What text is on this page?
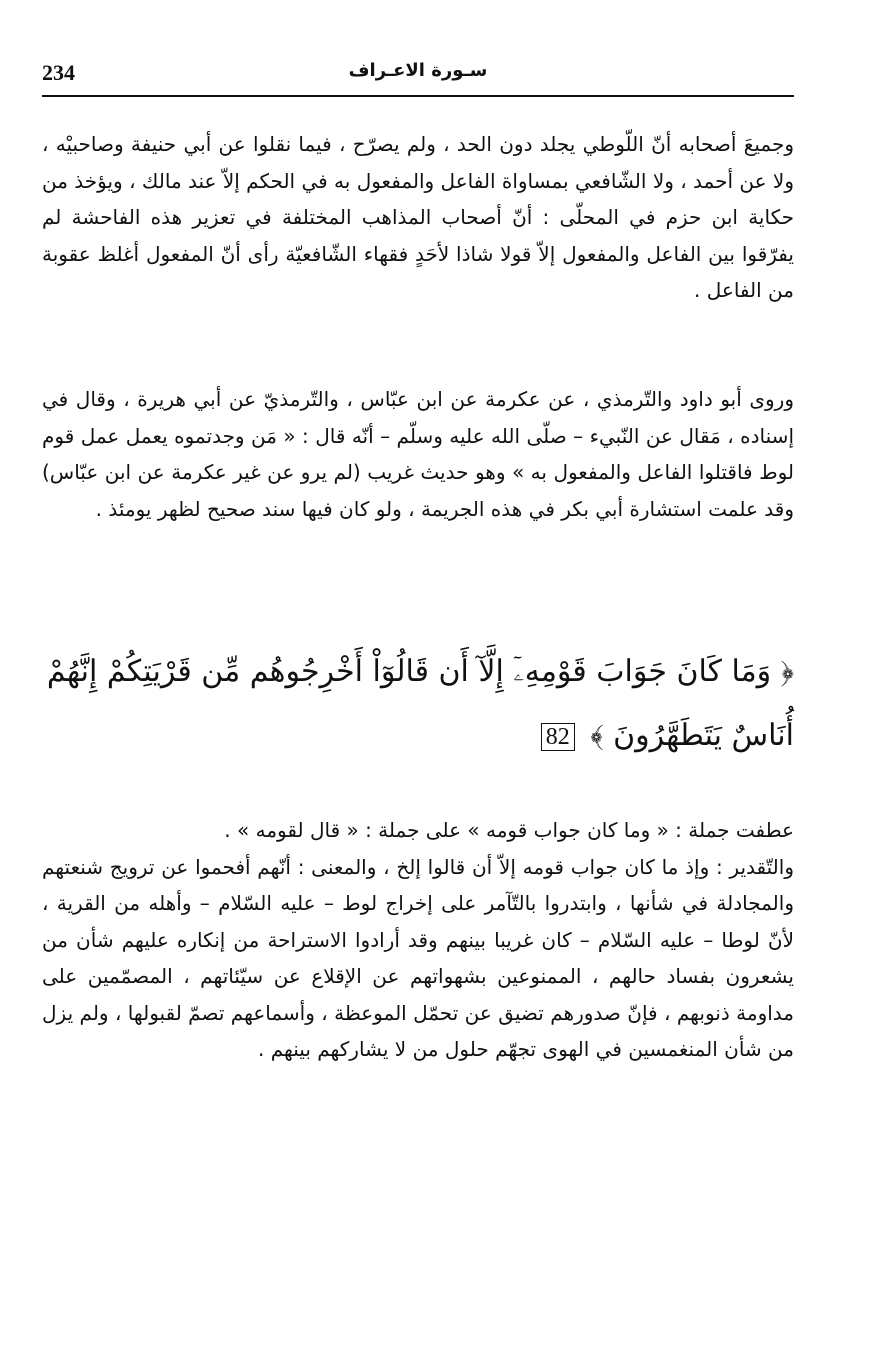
234	سـورة الاعـراف

وجميعَ أصحابه أنّ اللّوطي يجلد دون الحد ، ولم يصرّح ، فيما نقلوا عن أبي حنيفة وصاحبيْه ، ولا عن أحمد ، ولا الشّافعي بمساواة الفاعل والمفعول به في الحكم إلاّ عند مالك ، ويؤخذ من حكاية ابن حزم في المحلّى : أنّ أصحاب المذاهب المختلفة في تعزير هذه الفاحشة لم يفرّقوا بين الفاعل والمفعول إلاّ قولا شاذا لأحَدٍ فقهاء الشّافعيّة رأى أنّ المفعول أغلظ عقوبة من الفاعل .

وروى أبو داود والتّرمذي ، عن عكرمة عن ابن عبّاس ، والتّرمذيّ عن أبي هريرة ، وقال في إسناده ، مَقال عن النّبيء – صلّى الله عليه وسلّم – أنّه قال : « مَن وجدتموه يعمل عمل قوم لوط فاقتلوا الفاعل والمفعول به » وهو حديث غريب (لم يرو عن غير عكرمة عن ابن عبّاس) وقد علمت استشارة أبي بكر في هذه الجريمة ، ولو كان فيها سند صحيح لظهر يومئذ .

﴿ وَمَا كَانَ جَوَابَ قَوْمِهِۦٓ إِلَّآ أَن قَالُوٓاْ أَخْرِجُوهُم مِّن قَرْيَتِكُمْ إِنَّهُمْ أُنَاسٌ يَتَطَهَّرُونَ ﴾ 82

عطفت جملة : « وما كان جواب قومه » على جملة : « قال لقومه » .

والتّقدير : وإذ ما كان جواب قومه إلاّ أن قالوا إلخ ، والمعنى : أنّهم أفحموا عن ترويج شنعتهم والمجادلة في شأنها ، وابتدروا بالتّآمر على إخراج لوط – عليه السّلام – وأهله من القرية ، لأنّ لوطا – عليه السّلام – كان غريبا بينهم وقد أرادوا الاستراحة من إنكاره عليهم شأن من يشعرون بفساد حالهم ، الممنوعين بشهواتهم عن الإقلاع عن سيّئاتهم ، المصمّمين على مداومة ذنوبهم ، فإنّ صدورهم تضيق عن تحمّل الموعظة ، وأسماعهم تصمّ لقبولها ، ولم يزل من شأن المنغمسين في الهوى تجهّم حلول من لا يشاركهم بينهم .
